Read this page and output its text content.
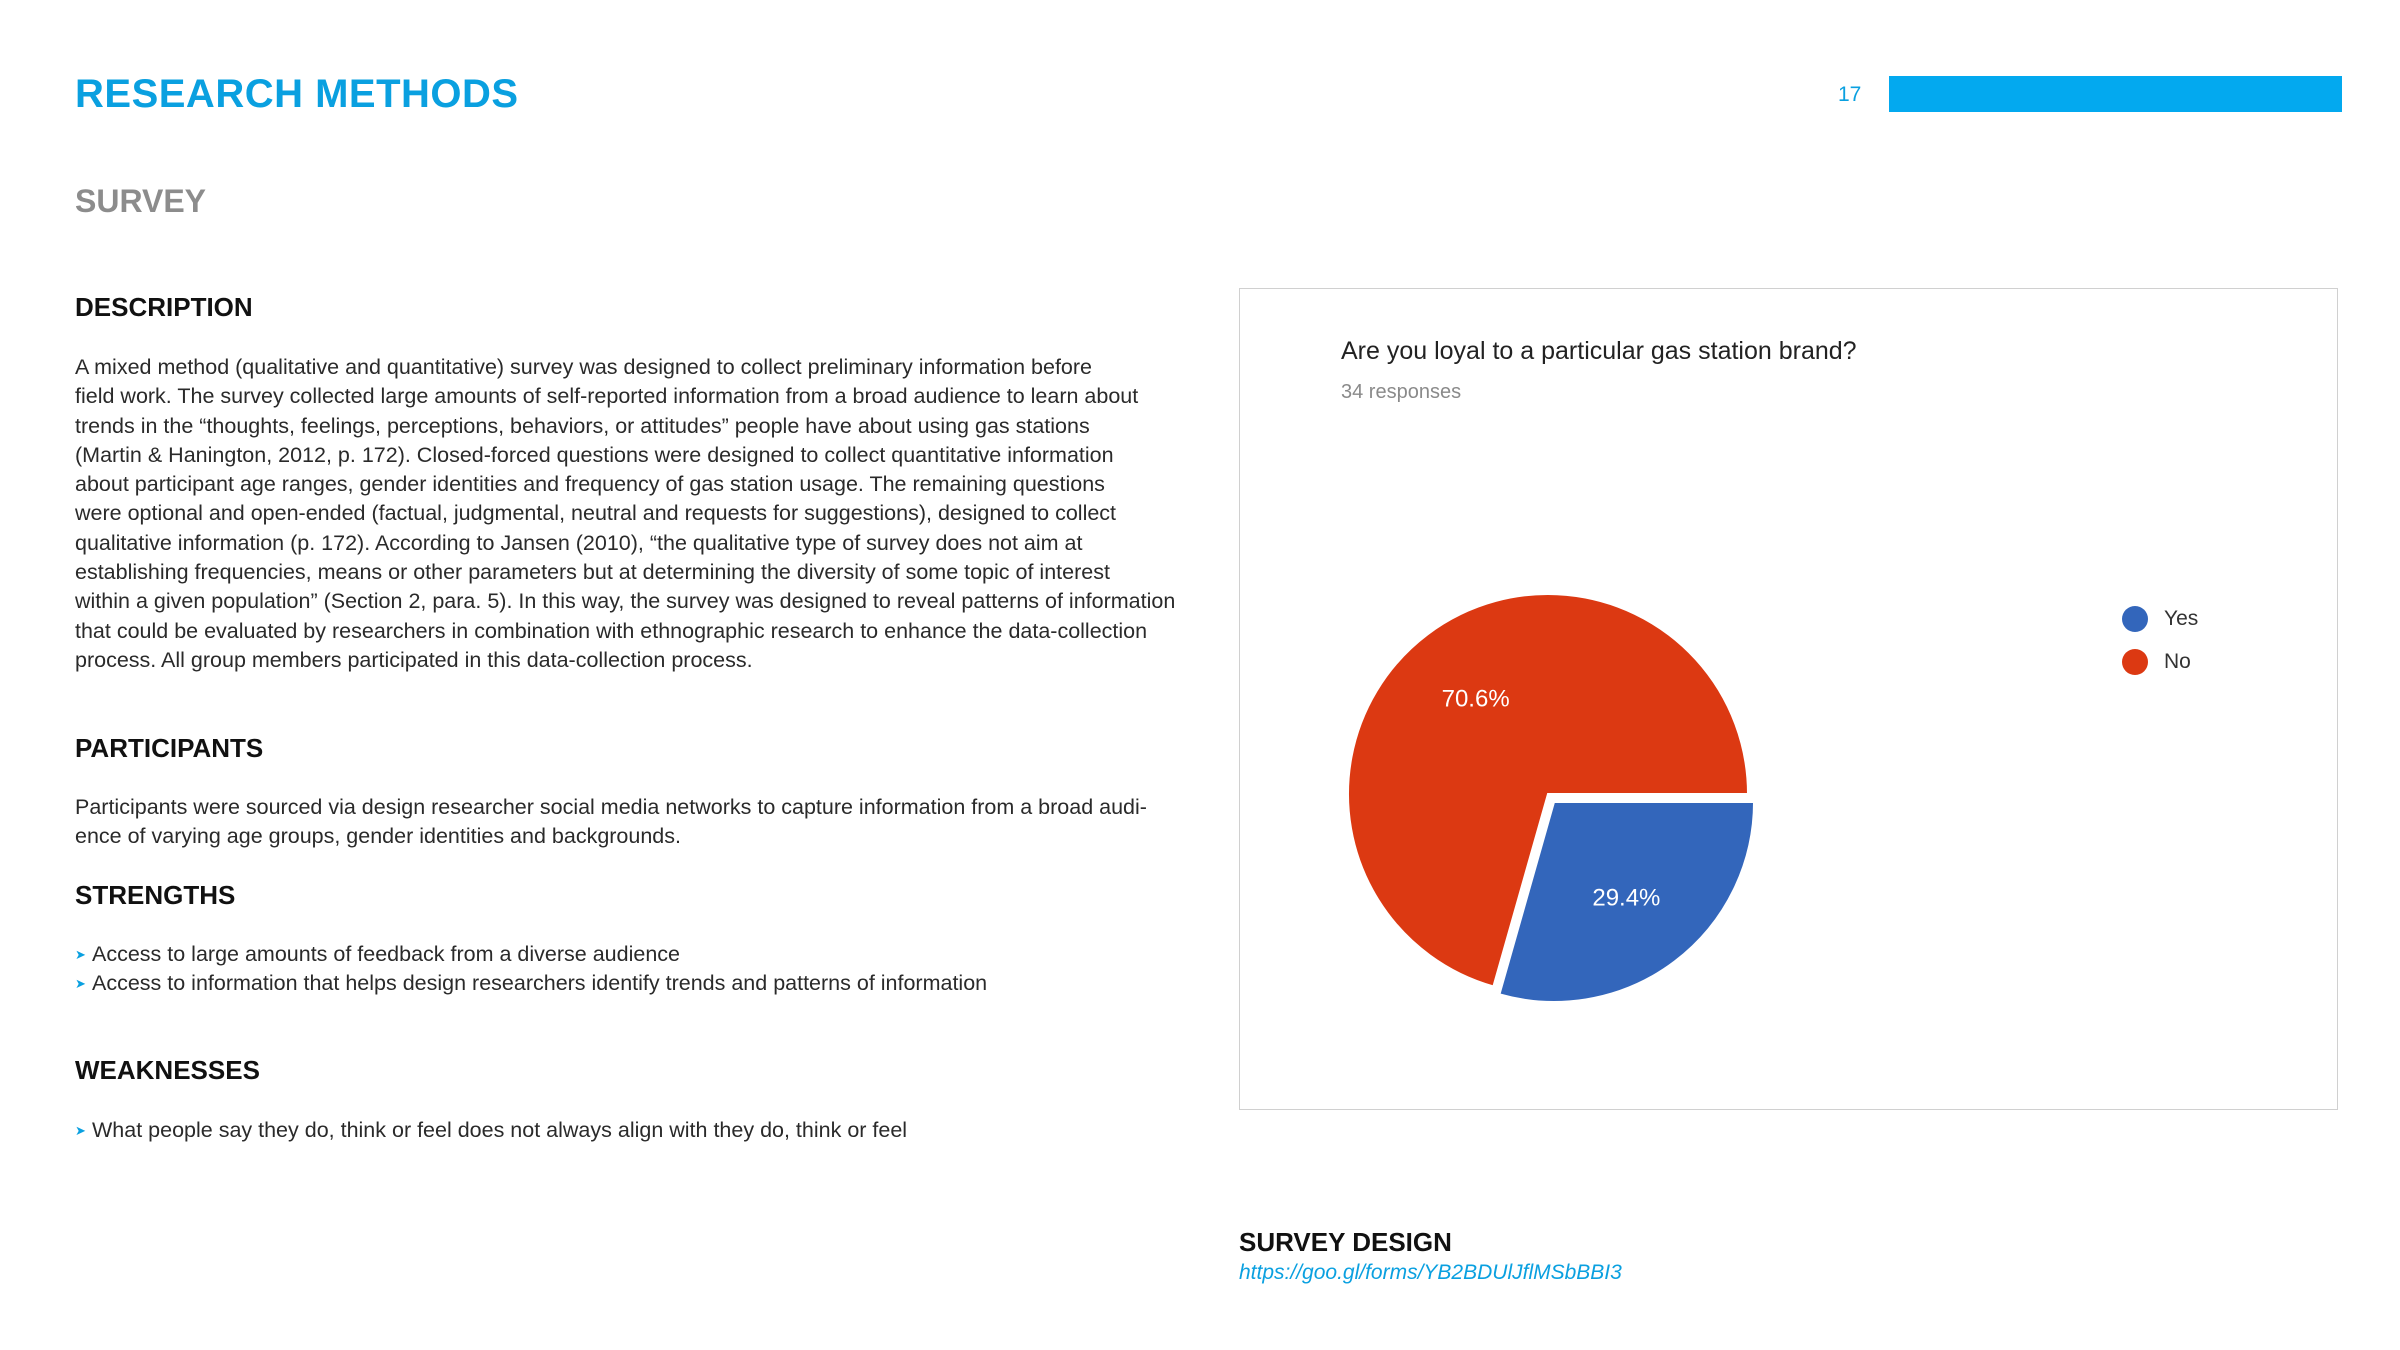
RESEARCH METHODS	17
SURVEY
DESCRIPTION
A mixed method (qualitative and quantitative) survey was designed to collect preliminary information before
field work. The survey collected large amounts of self-reported information from a broad audience to learn about
trends in the “thoughts, feelings, perceptions, behaviors, or attitudes” people have about using gas stations
(Martin & Hanington, 2012, p. 172). Closed-forced questions were designed to collect quantitative information
about participant age ranges, gender identities and frequency of gas station usage. The remaining questions
were optional and open-ended (factual, judgmental, neutral and requests for suggestions), designed to collect
qualitative information (p. 172). According to Jansen (2010), “the qualitative type of survey does not aim at
establishing frequencies, means or other parameters but at determining the diversity of some topic of interest
within a given population” (Section 2, para. 5). In this way, the survey was designed to reveal patterns of information
that could be evaluated by researchers in combination with ethnographic research to enhance the data-collection
process. All group members participated in this data-collection process.
PARTICIPANTS
Participants were sourced via design researcher social media networks to capture information from a broad audi-
ence of varying age groups, gender identities and backgrounds.
STRENGTHS
➤ Access to large amounts of feedback from a diverse audience
➤ Access to information that helps design researchers identify trends and patterns of information
WEAKNESSES
➤ What people say they do, think or feel does not always align with they do, think or feel
Are you loyal to a particular gas station brand?
34 responses
29.4%
70.6%
Yes
No
SURVEY DESIGN
https://goo.gl/forms/YB2BDUlJflMSbBBI3
